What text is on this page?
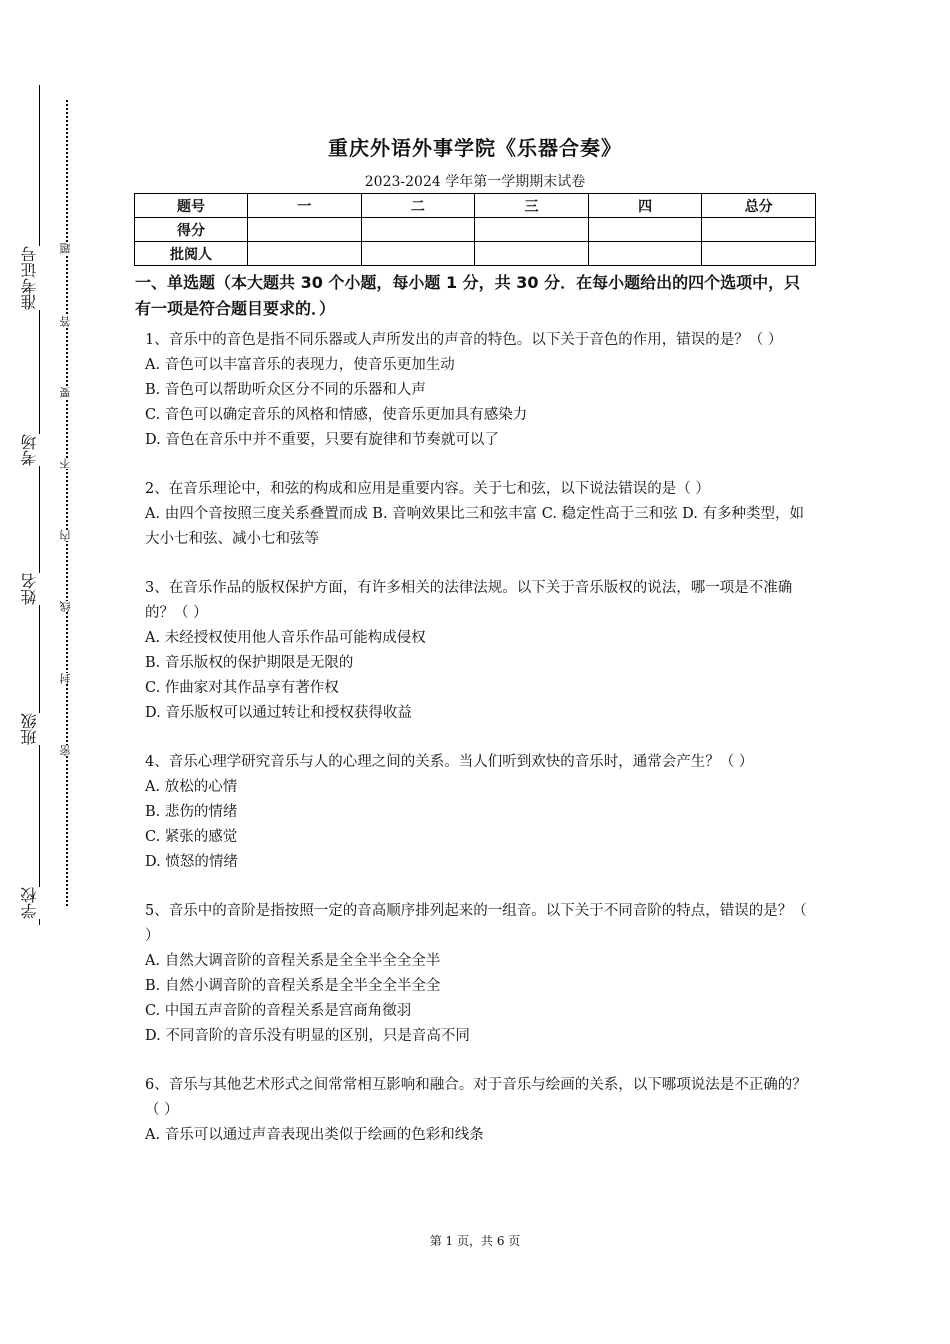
准考证号
考场
姓名
班级
学校
题
答
要
不
内
线
封
密
重庆外语外事学院《乐器合奏》
2023-2024 学年第一学期期末试卷
题号	一	二	三	四	总分
得分					
批阅人					
一、单选题（本大题共 30 个小题，每小题 1 分，共 30 分．在每小题给出的四个选项中，只有一项是符合题目要求的．）

1、音乐中的音色是指不同乐器或人声所发出的声音的特色。以下关于音色的作用，错误的是？（ ）

A. 音色可以丰富音乐的表现力，使音乐更加生动

B. 音色可以帮助听众区分不同的乐器和人声

C. 音色可以确定音乐的风格和情感，使音乐更加具有感染力

D. 音色在音乐中并不重要，只要有旋律和节奏就可以了

2、在音乐理论中，和弦的构成和应用是重要内容。关于七和弦，以下说法错误的是（ ）

A. 由四个音按照三度关系叠置而成 B. 音响效果比三和弦丰富 C. 稳定性高于三和弦 D. 有多种类型，如大小七和弦、减小七和弦等

3、在音乐作品的版权保护方面，有许多相关的法律法规。以下关于音乐版权的说法，哪一项是不准确的？（ ）

A. 未经授权使用他人音乐作品可能构成侵权

B. 音乐版权的保护期限是无限的

C. 作曲家对其作品享有著作权

D. 音乐版权可以通过转让和授权获得收益

4、音乐心理学研究音乐与人的心理之间的关系。当人们听到欢快的音乐时，通常会产生？（ ）

A. 放松的心情

B. 悲伤的情绪

C. 紧张的感觉

D. 愤怒的情绪

5、音乐中的音阶是指按照一定的音高顺序排列起来的一组音。以下关于不同音阶的特点，错误的是？（ ）

A. 自然大调音阶的音程关系是全全半全全全半

B. 自然小调音阶的音程关系是全半全全半全全

C. 中国五声音阶的音程关系是宫商角徵羽

D. 不同音阶的音乐没有明显的区别，只是音高不同

6、音乐与其他艺术形式之间常常相互影响和融合。对于音乐与绘画的关系，以下哪项说法是不正确的？（ ）

A. 音乐可以通过声音表现出类似于绘画的色彩和线条

第 1 页，共 6 页
